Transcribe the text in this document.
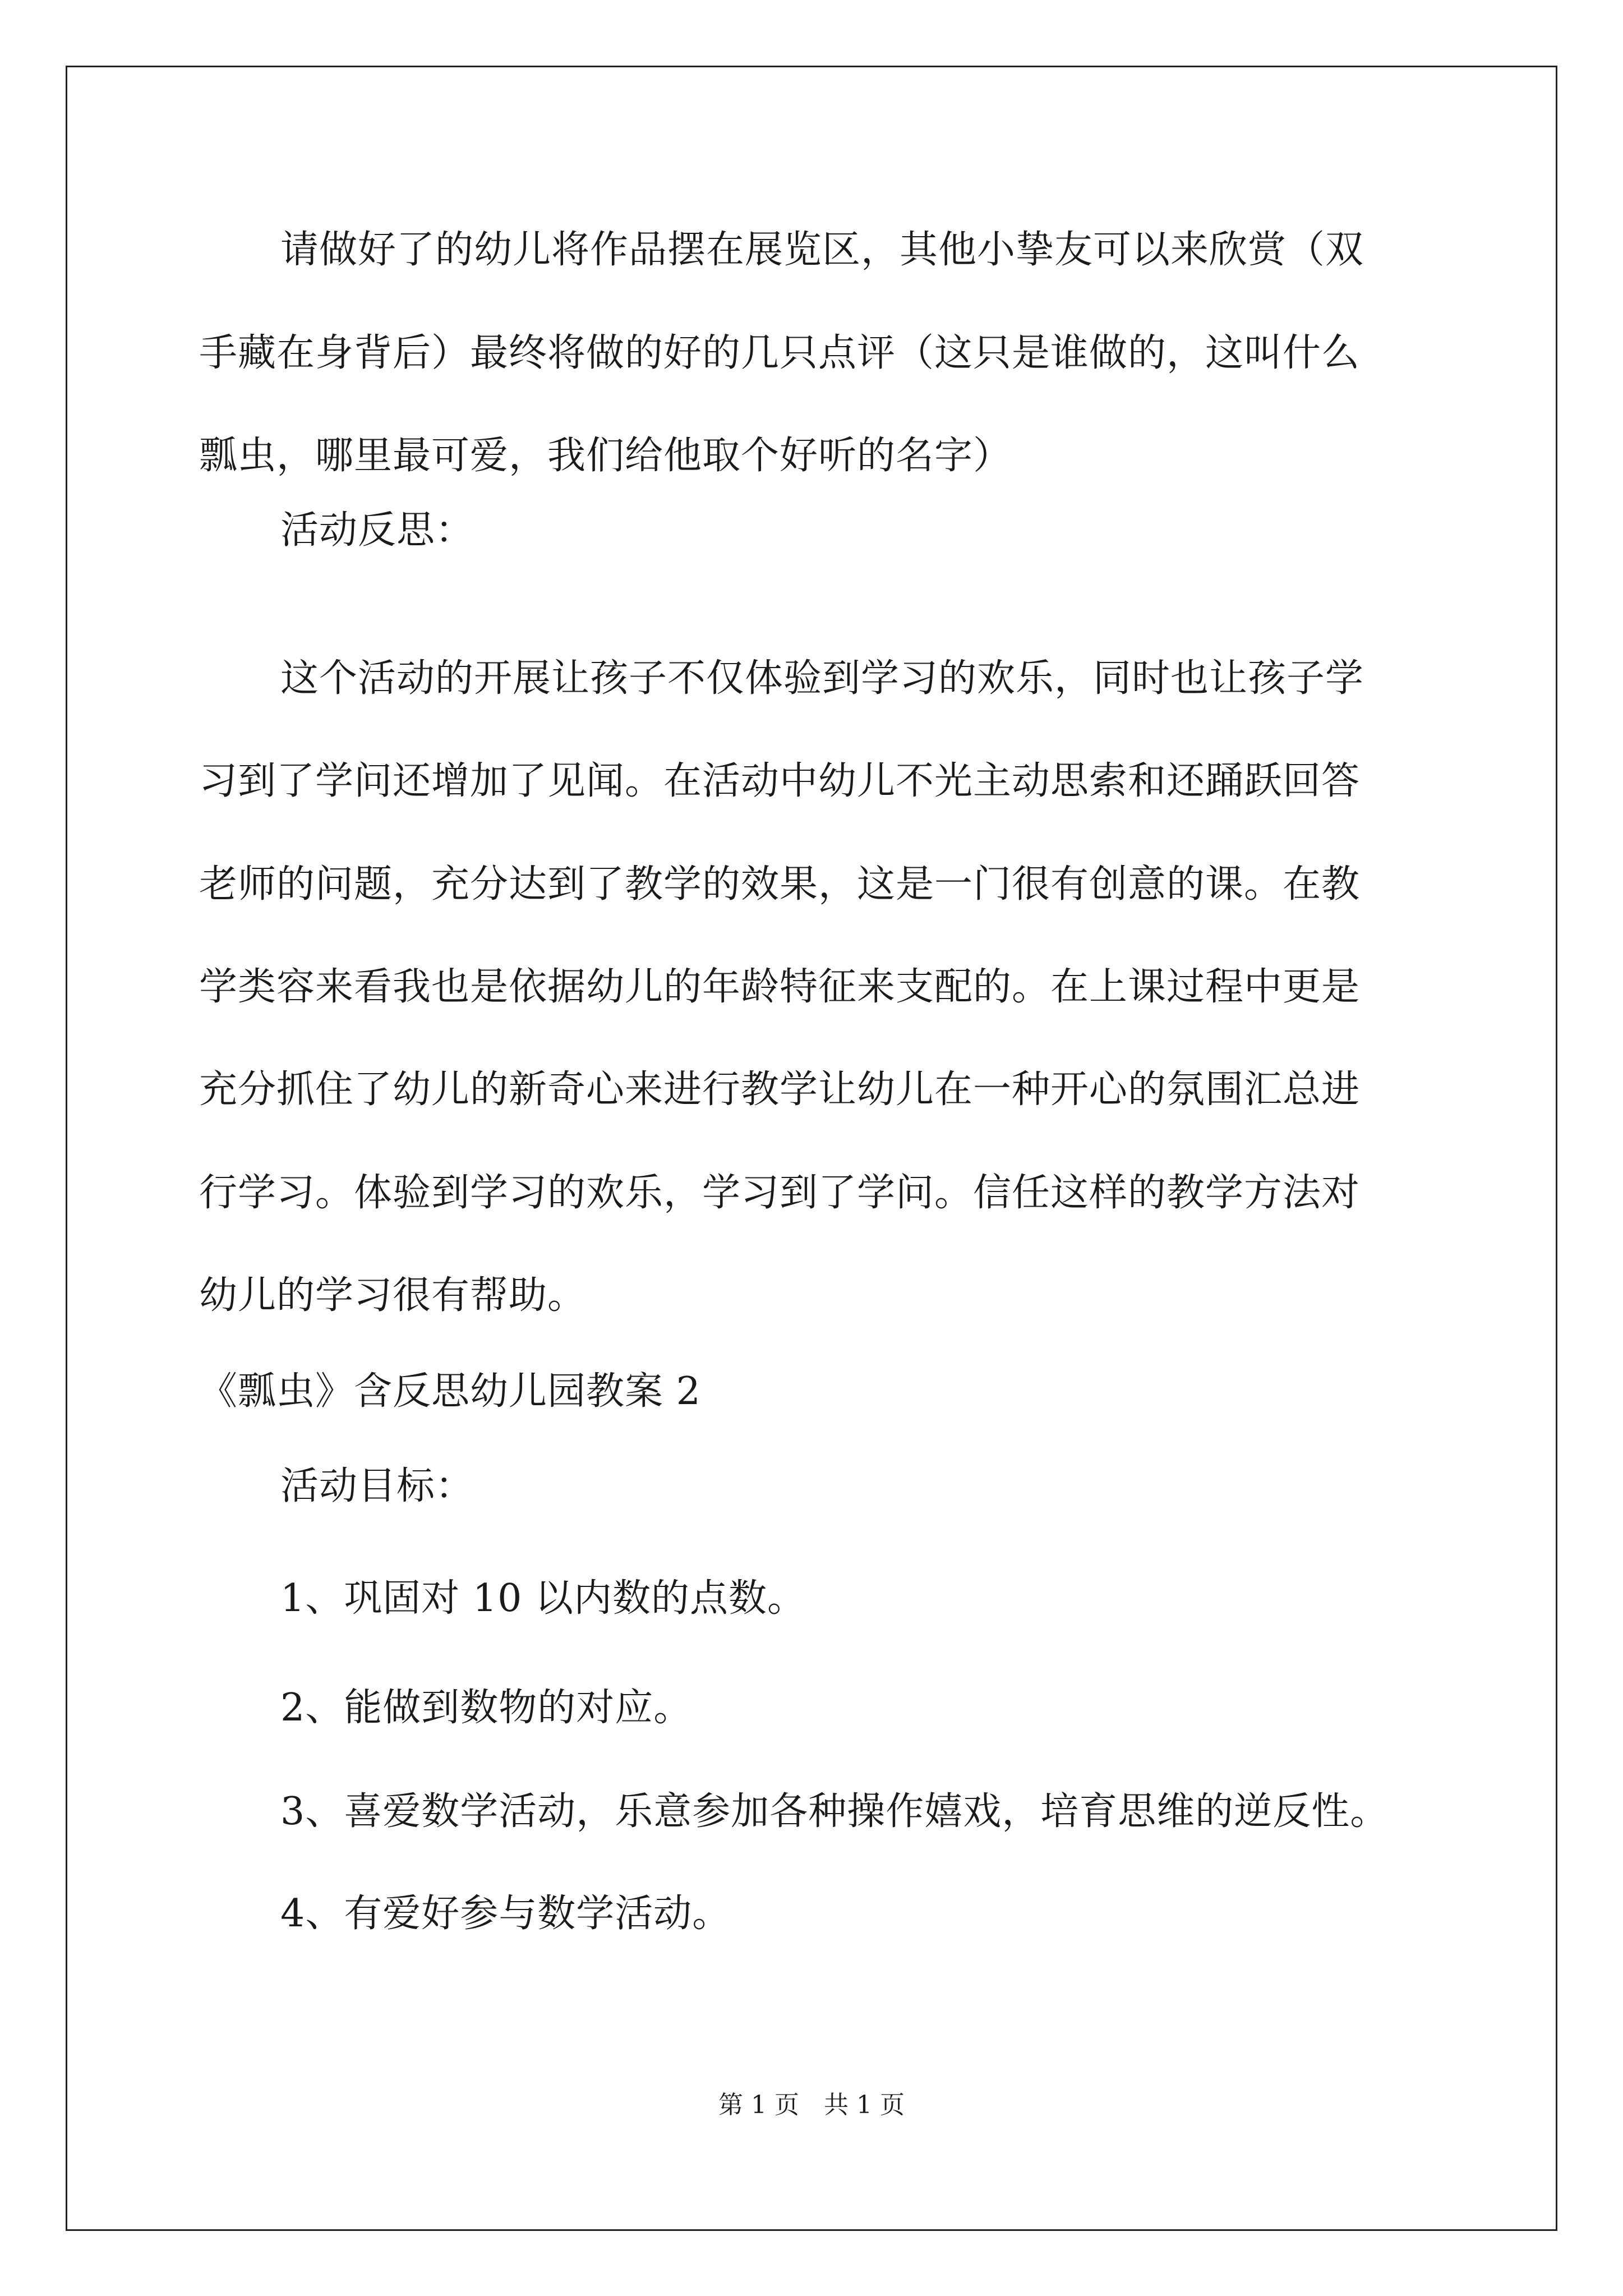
请做好了的幼儿将作品摆在展览区，其他小挚友可以来欣赏（双
手藏在身背后）最终将做的好的几只点评（这只是谁做的，这叫什么
瓢虫，哪里最可爱，我们给他取个好听的名字）
活动反思：
这个活动的开展让孩子不仅体验到学习的欢乐，同时也让孩子学
习到了学问还增加了见闻。在活动中幼儿不光主动思索和还踊跃回答
老师的问题，充分达到了教学的效果，这是一门很有创意的课。在教
学类容来看我也是依据幼儿的年龄特征来支配的。在上课过程中更是
充分抓住了幼儿的新奇心来进行教学让幼儿在一种开心的氛围汇总进
行学习。体验到学习的欢乐，学习到了学问。信任这样的教学方法对
幼儿的学习很有帮助。
《瓢虫》含反思幼儿园教案 2
活动目标：
1、巩固对 10 以内数的点数。
2、能做到数物的对应。
3、喜爱数学活动，乐意参加各种操作嬉戏，培育思维的逆反性。
4、有爱好参与数学活动。
第 1 页　共 1 页
